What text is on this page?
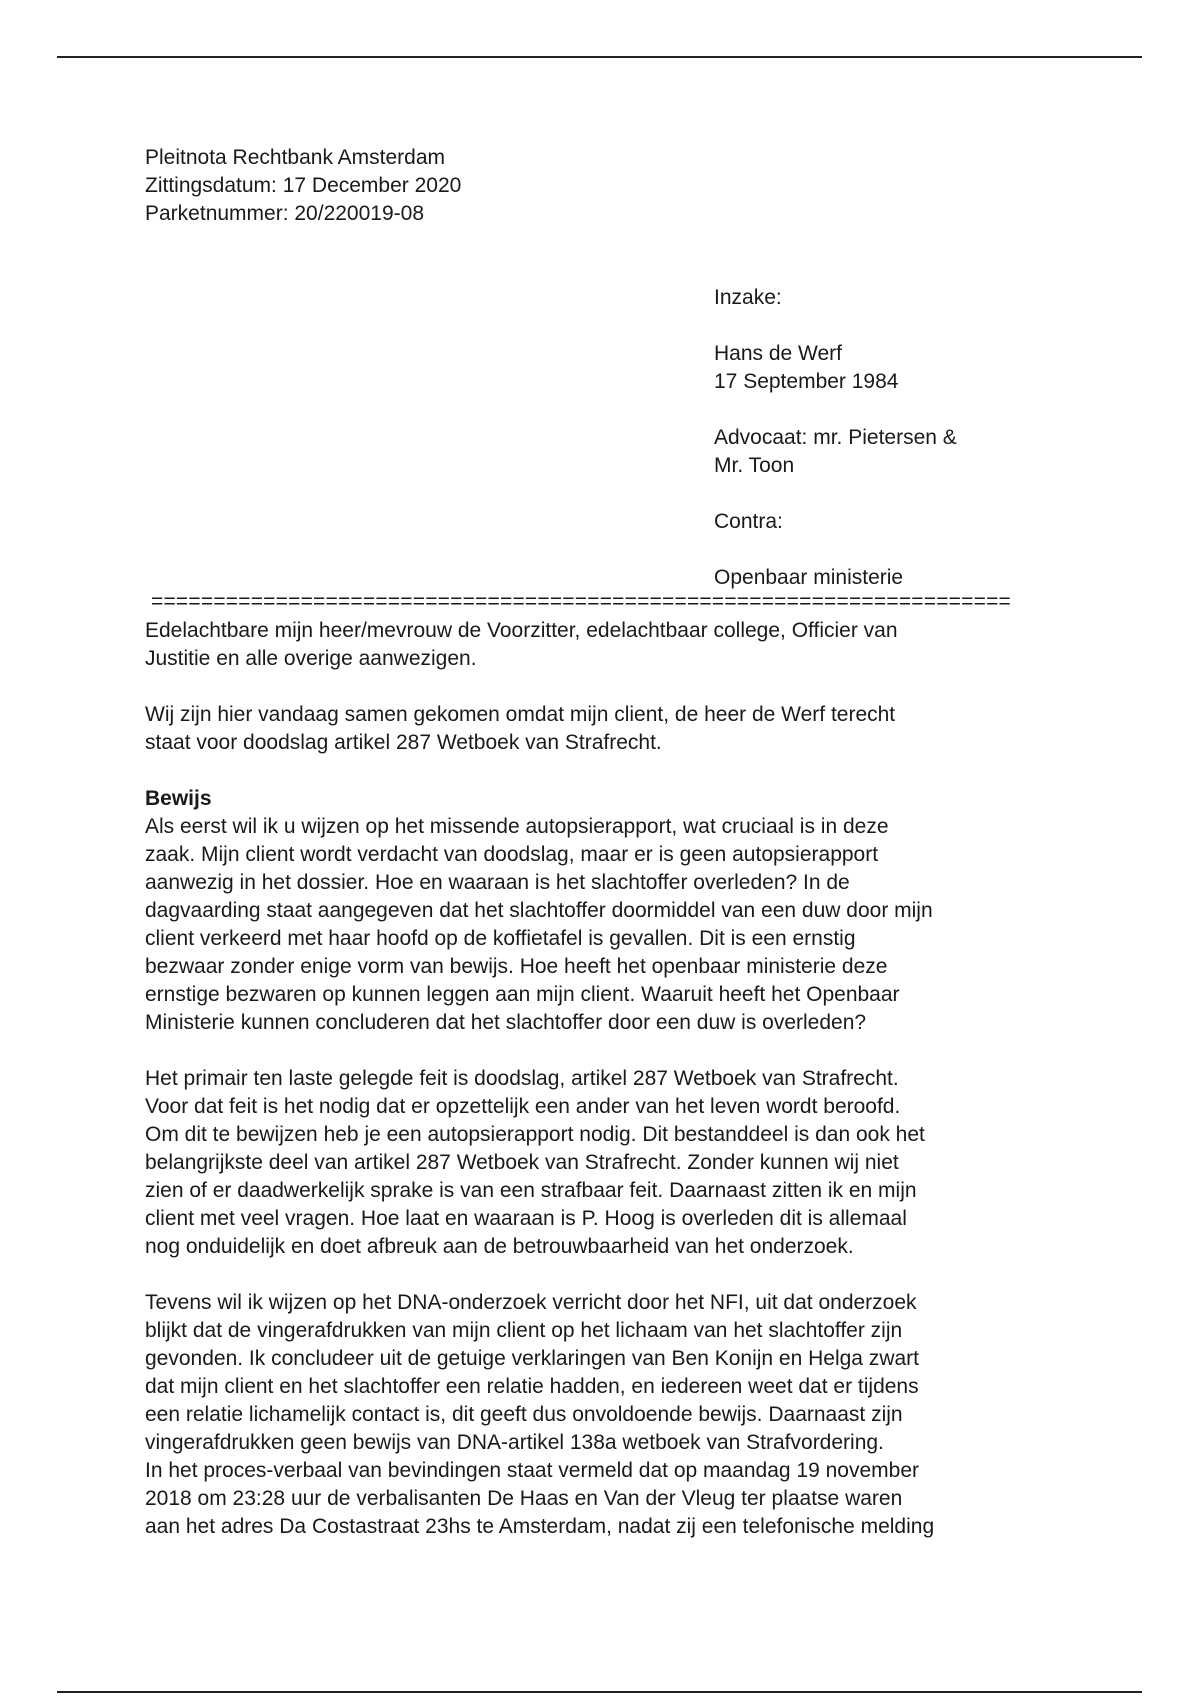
Pleitnota Rechtbank Amsterdam
Zittingsdatum: 17 December 2020
Parketnummer: 20/220019-08
Inzake:
Hans de Werf
17 September 1984
Advocaat: mr. Pietersen &
Mr. Toon
Contra:
Openbaar ministerie
=====================================================================

Edelachtbare mijn heer/mevrouw de Voorzitter, edelachtbaar college, Officier van
Justitie en alle overige aanwezigen.

Wij zijn hier vandaag samen gekomen omdat mijn client, de heer de Werf terecht
staat voor doodslag artikel 287 Wetboek van Strafrecht.

Bewijs

Als eerst wil ik u wijzen op het missende autopsierapport, wat cruciaal is in deze
zaak. Mijn client wordt verdacht van doodslag, maar er is geen autopsierapport
aanwezig in het dossier. Hoe en waaraan is het slachtoffer overleden? In de
dagvaarding staat aangegeven dat het slachtoffer doormiddel van een duw door mijn
client verkeerd met haar hoofd op de koffietafel is gevallen. Dit is een ernstig
bezwaar zonder enige vorm van bewijs. Hoe heeft het openbaar ministerie deze
ernstige bezwaren op kunnen leggen aan mijn client. Waaruit heeft het Openbaar
Ministerie kunnen concluderen dat het slachtoffer door een duw is overleden?

Het primair ten laste gelegde feit is doodslag, artikel 287 Wetboek van Strafrecht.
Voor dat feit is het nodig dat er opzettelijk een ander van het leven wordt beroofd.
Om dit te bewijzen heb je een autopsierapport nodig. Dit bestanddeel is dan ook het
belangrijkste deel van artikel 287 Wetboek van Strafrecht. Zonder kunnen wij niet
zien of er daadwerkelijk sprake is van een strafbaar feit. Daarnaast zitten ik en mijn
client met veel vragen. Hoe laat en waaraan is P. Hoog is overleden dit is allemaal
nog onduidelijk en doet afbreuk aan de betrouwbaarheid van het onderzoek.

Tevens wil ik wijzen op het DNA-onderzoek verricht door het NFI, uit dat onderzoek
blijkt dat de vingerafdrukken van mijn client op het lichaam van het slachtoffer zijn
gevonden. Ik concludeer uit de getuige verklaringen van Ben Konijn en Helga zwart
dat mijn client en het slachtoffer een relatie hadden, en iedereen weet dat er tijdens
een relatie lichamelijk contact is, dit geeft dus onvoldoende bewijs. Daarnaast zijn
vingerafdrukken geen bewijs van DNA-artikel 138a wetboek van Strafvordering.
In het proces-verbaal van bevindingen staat vermeld dat op maandag 19 november
2018 om 23:28 uur de verbalisanten De Haas en Van der Vleug ter plaatse waren
aan het adres Da Costastraat 23hs te Amsterdam, nadat zij een telefonische melding
